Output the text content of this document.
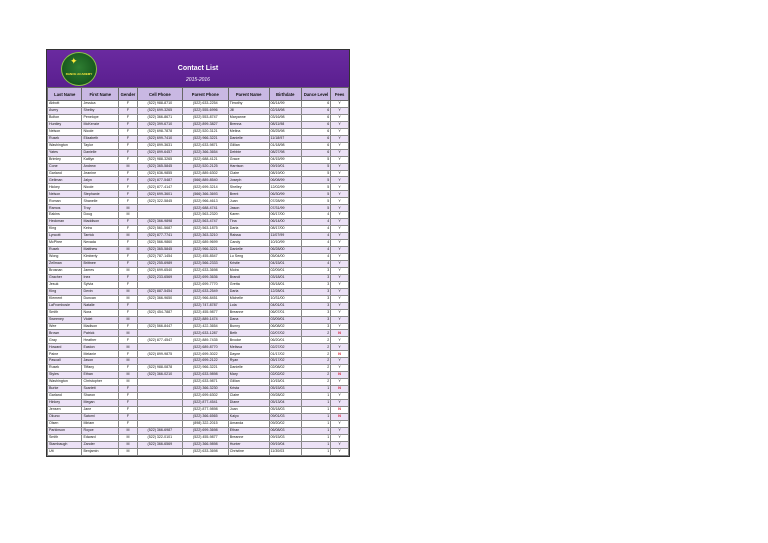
✦
DANCE ACADEMY
Contact List
2015-2016
Last Name	First Name	Gender	Cell Phone	Parent Phone	Parent Name	Birthdate	Dance Level	Fees
Abbott	Jessica	F	(522) 988-8710	(522) 633-2254	Timothy	06/14/99	6	Y
Avery	Shelby	F	(522) 699-3265	(522) 555-6996	Jill	02/18/98	6	Y
Bolton	Penelope	F	(522) 366-8671	(522) 553-8747	Maryanne	03/16/98	6	Y
Huntley	McKenzie	F	(522) 399-6710	(522) 899-3827	Brenna	08/11/98	6	Y
Nelson	Nicole	F	(522) 698-7878	(522) 520-3121	Melina	05/25/98	6	Y
Rusek	Elizabeth	F	(522) 699-7410	(522) 966-3221	Danielle	11/18/97	6	Y
Washington	Taylor	F	(522) 899-3631	(522) 633-9871	Gillian	01/18/98	6	Y
Yates	Danielle	F	(522) 899-6457	(522) 366-3654	Debbie	08/27/98	6	Y
Brimley	Kaitlyn	F	(522) 988-3265	(522) 688-4121	Grace	04/15/99	5	Y
Cone	Andrew	M	(522) 365-5845	(522) 520-2125	Harrison	09/19/01	5	Y
Garland	Jeanine	F	(522) 636-9855	(522) 889-6302	Claire	08/19/00	5	Y
Gellman	Jalyn	F	(522) 877-5487	(566) 889-8540	Joseph	06/08/99	5	Y
Hickey	Nicole	F	(522) 877-4147	(522) 699-3214	Shelley	12/02/99	5	Y
Nelson	Stephanie	F	(522) 699-3601	(566) 366-3693	Brent	06/30/99	5	Y
Roman	Shanelle	F	(522) 322-5845	(522) 966-4613	Juan	07/28/99	5	Y
Ramos	Troy	M		(522) 688-4741	Jason	07/31/99	5	Y
Eakins	Doug	M		(522) 563-2320	Karen	06/17/00	4	Y
Heckman	Maddison	F	(522) 366-9898	(522) 563-4747	Tina	06/14/00	4	Y
King	Keira	F	(522) 561-5687	(522) 563-1875	Darla	08/17/00	4	Y
Lyncott	Tarrick	M	(522) 877-7741	(522) 363-3210	Raissa	11/07/99	4	Y
McPhee	Nevada	F	(522) 566-9860	(522) 689-9699	Candy	10/10/99	4	Y
Rusek	Matthew	M	(522) 365-5845	(522) 966-3221	Danielle	06/28/00	4	Y
Wong	Kimberly	F	(522) 787-1454	(522) 455-8547	Lu Seng	05/04/00	4	Y
Zellman	Brittnee	F	(522) 255-6989	(522) 566-2333	Kristie	04/15/01	4	Y
Brosnan	James	M	(522) 699-6540	(522) 633-3698	Moira	02/09/01	3	Y
Gracher	Inez	F	(522) 233-6569	(522) 699-3636	Brandi	03/18/01	3	Y
Jesuk	Sylvia	F		(522) 699-7770	Gretta	05/18/01	3	Y
King	Devin	M	(522) 887-5454	(522) 633-2549	Darla	12/28/01	3	Y
Klement	Duncan	M	(522) 366-9650	(522) 966-8451	Michelle	10/31/00	3	Y
LaFrombosie	Natalie	F		(522) 747-8787	Lola	04/01/01	3	Y
Smith	Nora	F	(522) 454-7887	(522) 455-9877	Breanne	06/07/01	3	Y
Sweeney	Violet	M		(522) 889-1474	Dana	03/09/01	3	Y
Wee	Madison	F	(522) 566-8447	(522) 422-3654	Bunny	06/08/02	3	Y
Brown	Patrick	M		(522) 633-1287	Beth	02/07/02	2	N
Gray	Heather	F	(522) 877-4547	(522) 889-7435	Brooke	06/20/01	2	Y
Howard	Easton	M		(522) 689-8770	Melissa	02/27/02	2	Y
Paine	Melanie	F	(522) 899-9875	(522) 699-3022	Dayne	01/17/02	2	N
Pascall	Jason	M		(522) 699-2122	Ryan	05/17/02	2	Y
Rusek	Tiffany	F	(522) 988-0878	(522) 966-3221	Danielle	02/08/02	2	Y
Styles	Ethan	M	(522) 366-0210	(522) 633-9898	Mary	02/02/02	2	N
Washington	Christopher	M		(522) 633-9871	Gillian	10/15/01	2	Y
Burke	Scarlett	F		(522) 366-3230	Krista	05/15/03	1	N
Garland	Sharon	F		(522) 699-6302	Claire	09/28/02	1	Y
Hinkey	Megan	F		(522) 877-4541	Diane	05/13/04	1	Y
Jensen	Jane	F		(522) 877-9898	Joan	05/18/03	1	N
Okuno	Satomi	F		(522) 366-6565	Kaiyo	09/01/03	1	N
Olsen	Miriam	F		(898) 322-2015	Amanda	09/20/02	1	Y
Parkinson	Royce	M	(522) 366-6987	(522) 699-3698	Ethan	06/08/03	1	Y
Smith	Edward	M	(522) 322-0101	(522) 455-9877	Breanne	09/15/03	1	Y
Stambaugh	Zander	M	(522) 366-6569	(522) 366-9898	Hunter	09/19/04	1	Y
Utt	Benjamin	M		(522) 633-3698	Christine	11/30/03	1	Y
